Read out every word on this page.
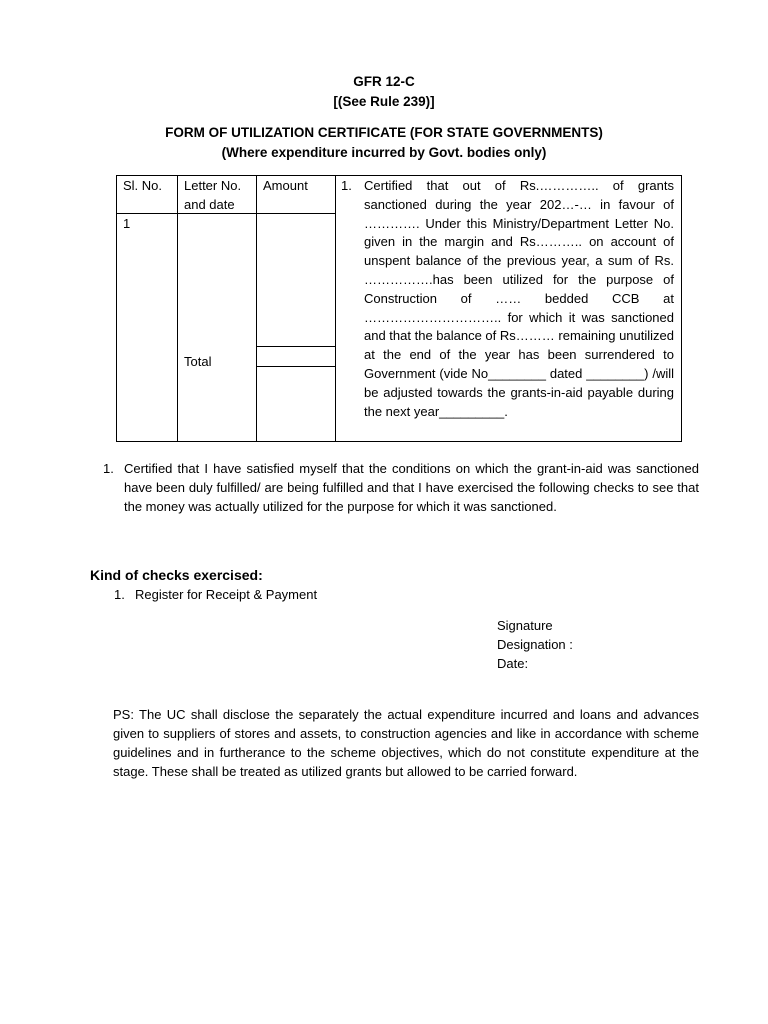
GFR 12-C
[(See Rule 239)]
FORM OF UTILIZATION CERTIFICATE (FOR STATE GOVERNMENTS)
(Where expenditure incurred by Govt. bodies only)
Sl. No. Letter No. and date
Amount
1
Total
1. Certified that out of Rs.………….. of grants sanctioned during the year 202…-… in favour of …………. Under this Ministry/Department Letter No. given in the margin and Rs……….. on account of unspent balance of the previous year, a sum of Rs. …………….has been utilized for the purpose of Construction of …… bedded CCB at ………………………….. for which it was sanctioned and that the balance of Rs……… remaining unutilized at the end of the year has been surrendered to Government (vide No________ dated ________) /will be adjusted towards the grants-in-aid payable during the next year_________.
1. Certified that I have satisfied myself that the conditions on which the grant-in-aid was sanctioned have been duly fulfilled/ are being fulfilled and that I have exercised the following checks to see that the money was actually utilized for the purpose for which it was sanctioned.
Kind of checks exercised:
1. Register for Receipt & Payment
Signature
Designation :
Date:
PS: The UC shall disclose the separately the actual expenditure incurred and loans and advances given to suppliers of stores and assets, to construction agencies and like in accordance with scheme guidelines and in furtherance to the scheme objectives, which do not constitute expenditure at the stage. These shall be treated as utilized grants but allowed to be carried forward.
